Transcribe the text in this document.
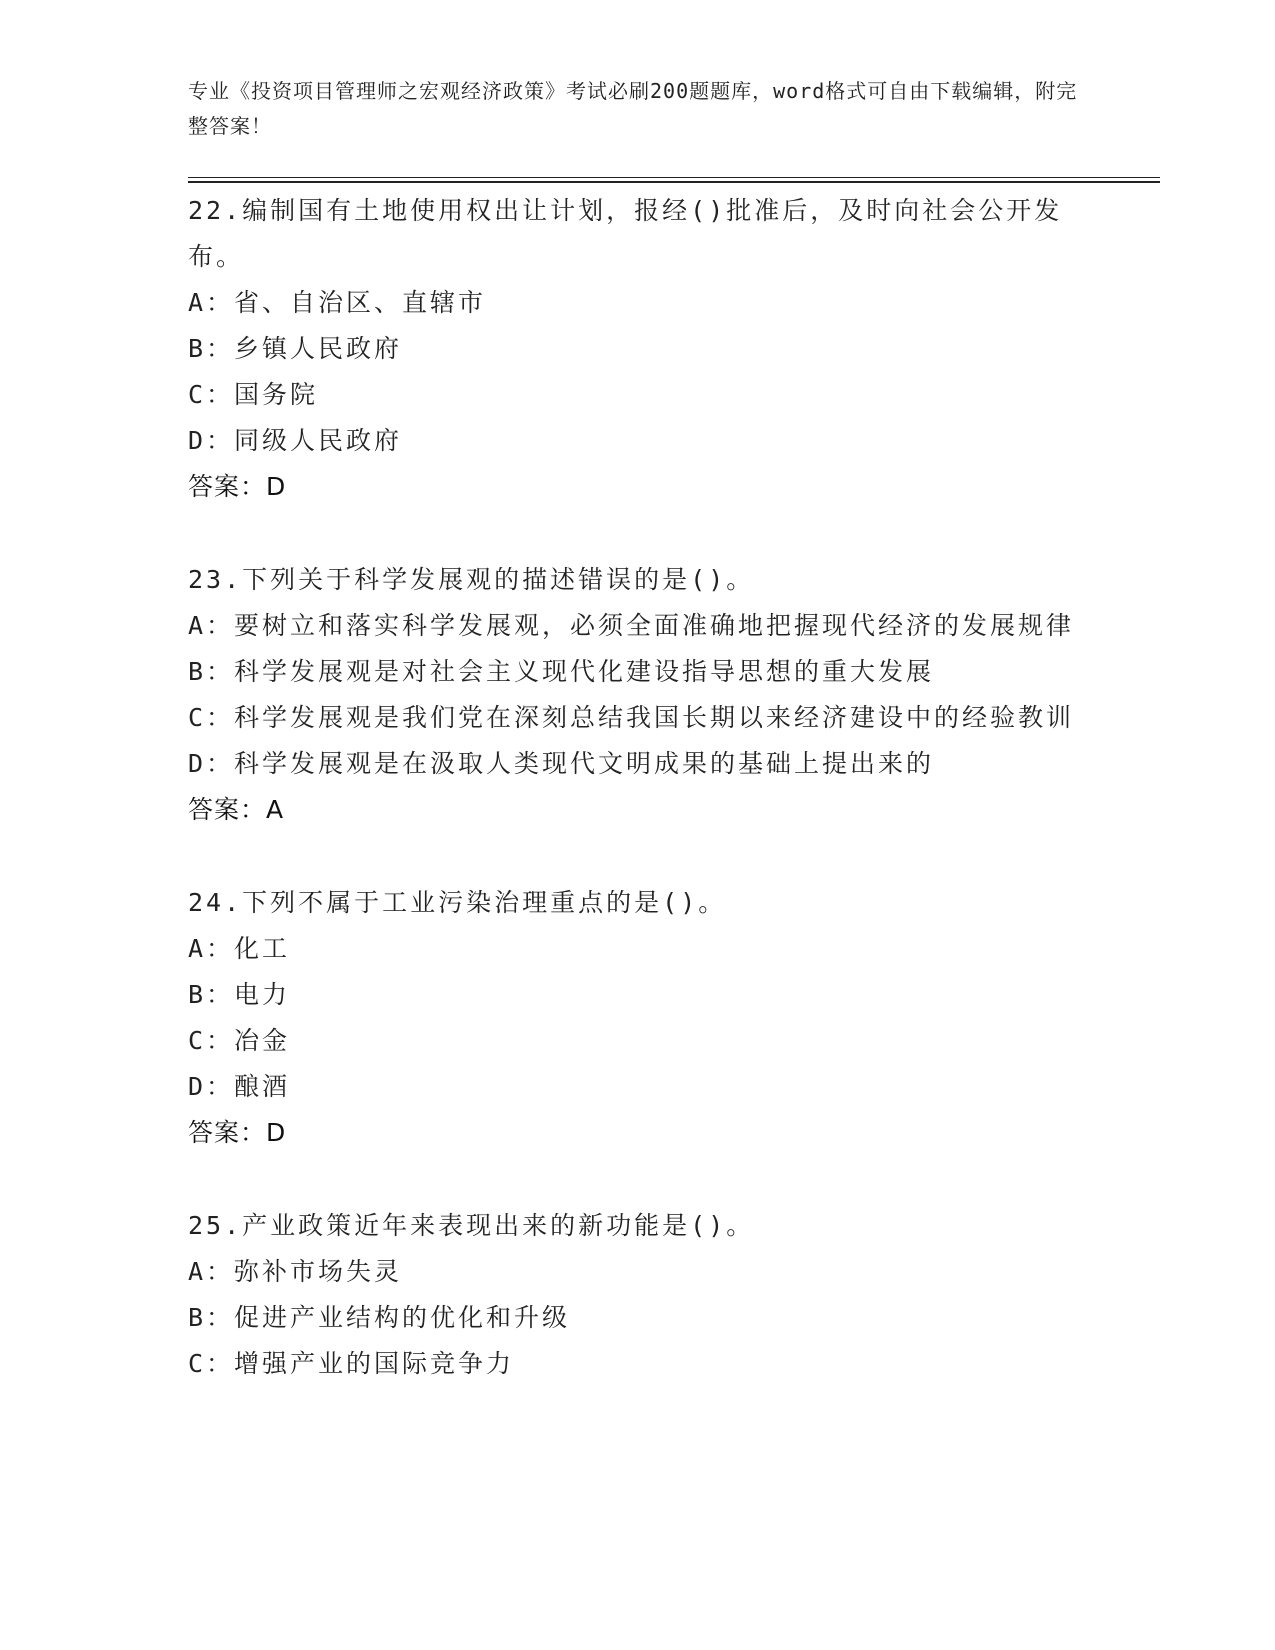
专业《投资项目管理师之宏观经济政策》考试必刷200题题库，word格式可自由下载编辑，附完整答案！
22.编制国有土地使用权出让计划，报经()批准后，及时向社会公开发布。
A：省、自治区、直辖市
B：乡镇人民政府
C：国务院
D：同级人民政府
答案：D
23.下列关于科学发展观的描述错误的是()。
A：要树立和落实科学发展观，必须全面准确地把握现代经济的发展规律
B：科学发展观是对社会主义现代化建设指导思想的重大发展
C：科学发展观是我们党在深刻总结我国长期以来经济建设中的经验教训
D：科学发展观是在汲取人类现代文明成果的基础上提出来的
答案：A
24.下列不属于工业污染治理重点的是()。
A：化工
B：电力
C：冶金
D：酿酒
答案：D
25.产业政策近年来表现出来的新功能是()。
A：弥补市场失灵
B：促进产业结构的优化和升级
C：增强产业的国际竞争力
